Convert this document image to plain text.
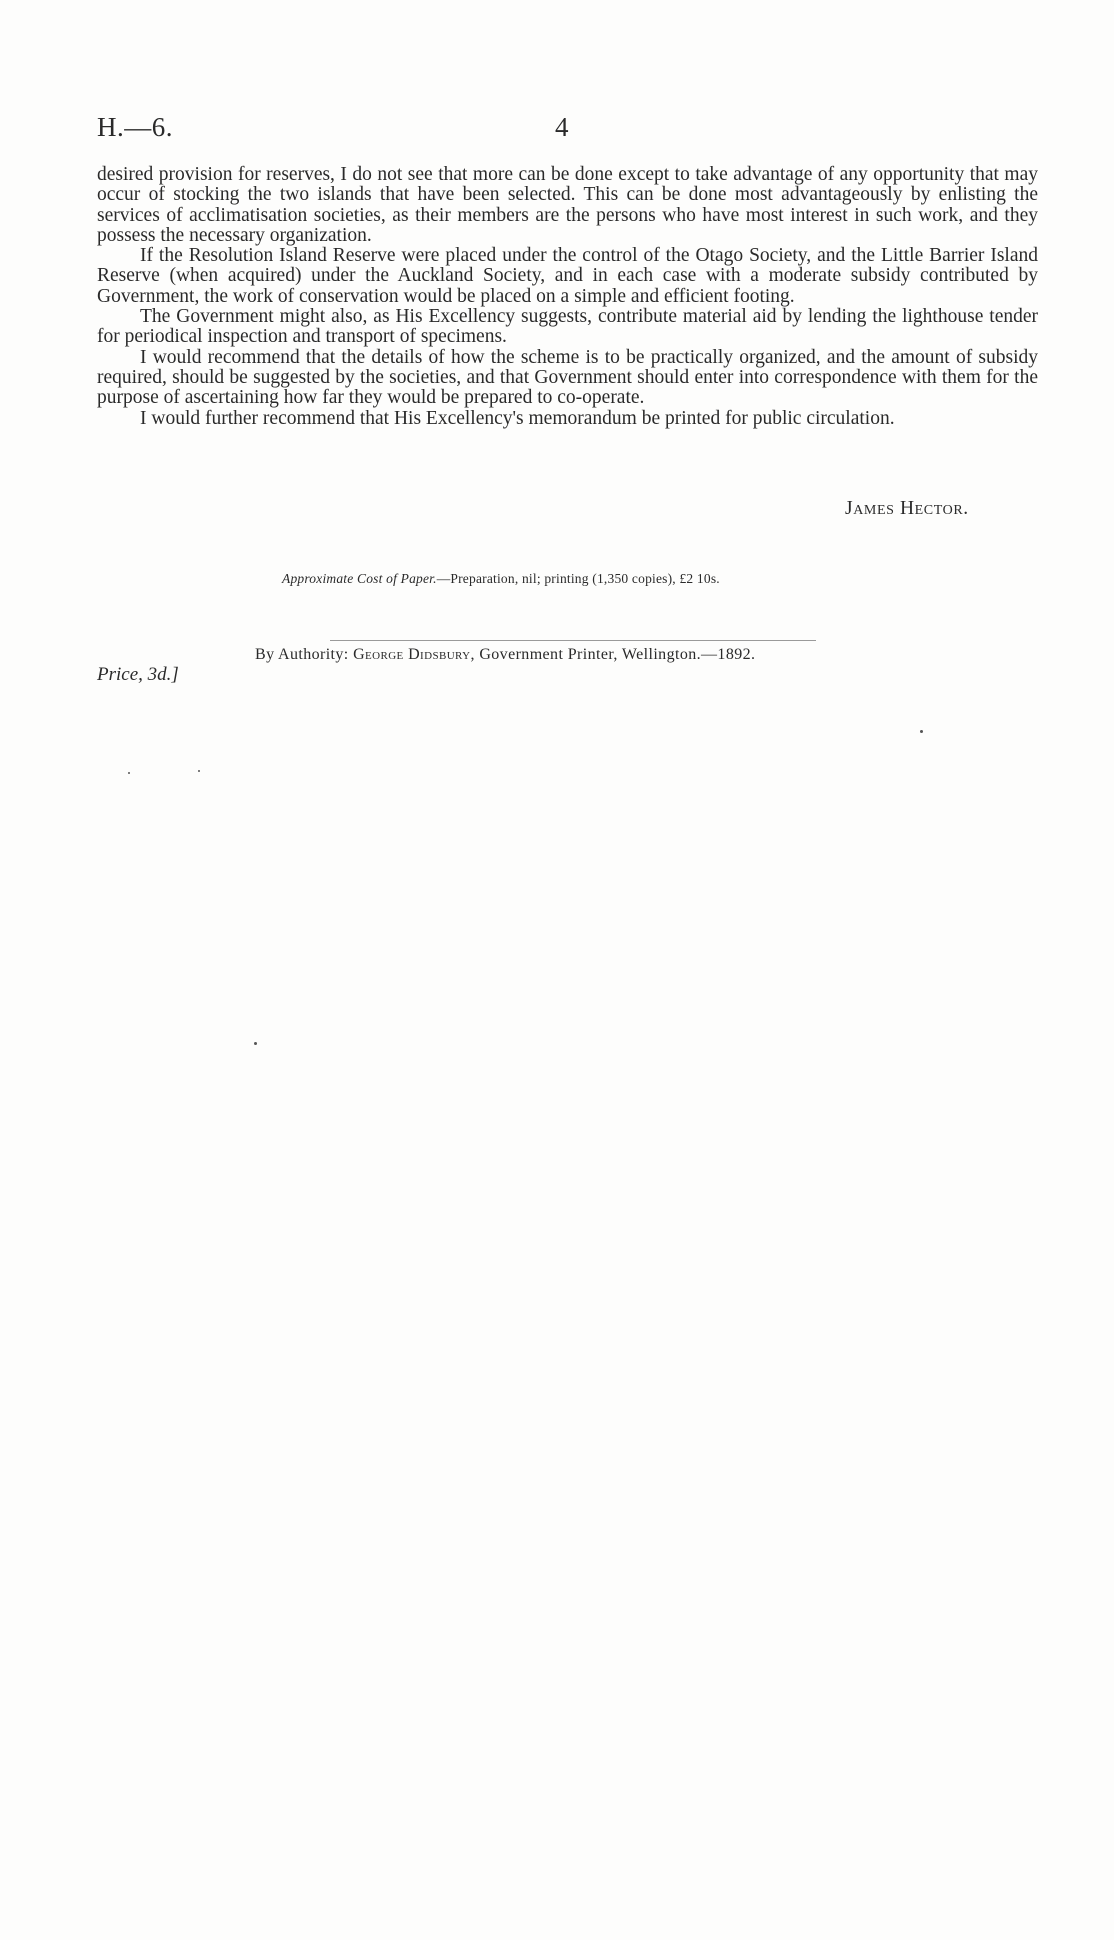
H.—6.	4

desired provision for reserves, I do not see that more can be done except to take advantage of any opportunity that may occur of stocking the two islands that have been selected. This can be done most advantageously by enlisting the services of acclimatisation societies, as their members are the persons who have most interest in such work, and they possess the necessary organization.

If the Resolution Island Reserve were placed under the control of the Otago Society, and the Little Barrier Island Reserve (when acquired) under the Auckland Society, and in each case with a moderate subsidy contributed by Government, the work of conservation would be placed on a simple and efficient footing.

The Government might also, as His Excellency suggests, contribute material aid by lending the lighthouse tender for periodical inspection and transport of specimens.

I would recommend that the details of how the scheme is to be practically organized, and the amount of subsidy required, should be suggested by the societies, and that Government should enter into correspondence with them for the purpose of ascertaining how far they would be prepared to co-operate.

I would further recommend that His Excellency's memorandum be printed for public circulation.

James Hector.
Approximate Cost of Paper.—Preparation, nil; printing (1,350 copies), £2 10s.
By Authority: George Didsbury, Government Printer, Wellington.—1892.
Price, 3d.]
